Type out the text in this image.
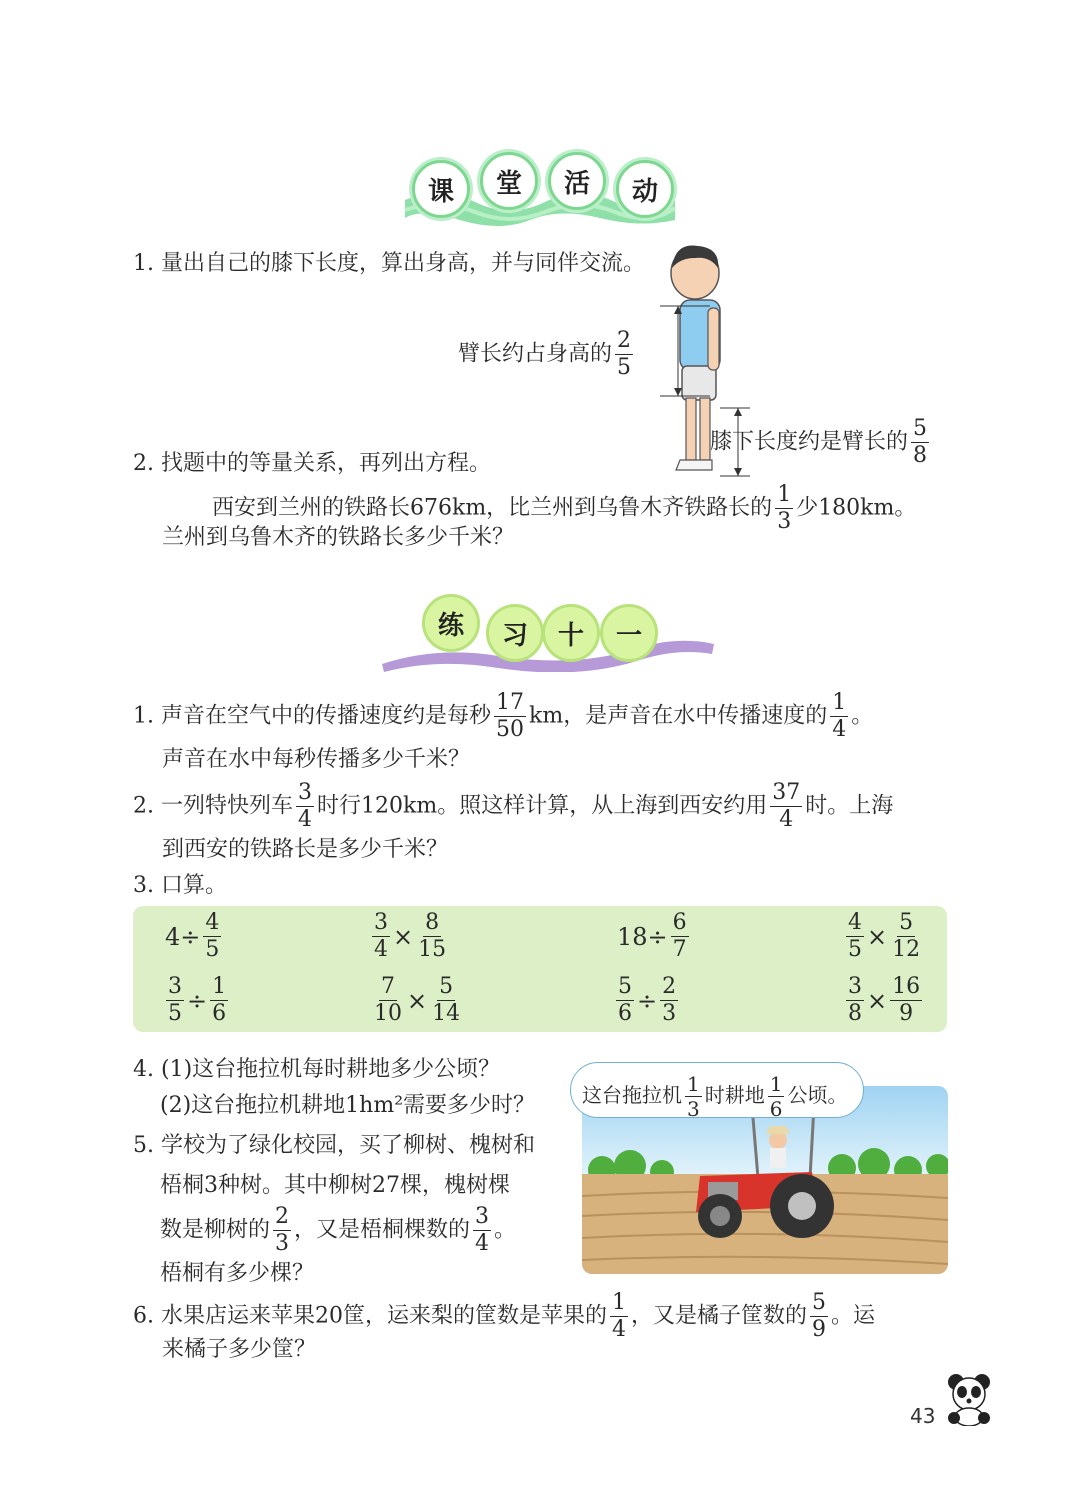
课	堂	活	动
1. 量出自己的膝下长度，算出身高，并与同伴交流。
臂长约占身高的 $\frac{2}{5}$
膝下长度约是臂长的 $\frac{5}{8}$
2. 找题中的等量关系，再列出方程。
西安到兰州的铁路长676km，比兰州到乌鲁木齐铁路长的 $\frac{1}{3}$ 少180km。
兰州到乌鲁木齐的铁路长多少千米？
练	习	十	一
1. 声音在空气中的传播速度约是每秒 $\frac{17}{50}$ km，是声音在水中传播速度的 $\frac{1}{4}$ 。
声音在水中每秒传播多少千米？
2. 一列特快列车 $\frac{3}{4}$ 时行120km。照这样计算，从上海到西安约用 $\frac{37}{4}$ 时。上海
到西安的铁路长是多少千米？
3. 口算。
$4\div \frac{4}{5}$	$\frac{3}{4} \times \frac{8}{15}$	$18\div \frac{6}{7}$	$\frac{4}{5} \times \frac{5}{12}$
$\frac{3}{5} \div \frac{1}{6}$	$\frac{7}{10} \times \frac{5}{14}$	$\frac{5}{6} \div \frac{2}{3}$	$\frac{3}{8} \times \frac{16}{9}$
4. (1)这台拖拉机每时耕地多少公顷？
(2)这台拖拉机耕地1hm²需要多少时？ 这台拖拉机 $\frac{1}{3}$ 时耕地 $\frac{1}{6}$ 公顷。
5. 学校为了绿化校园，买了柳树、槐树和
梧桐3种树。其中柳树27棵，槐树棵
数是柳树的 $\frac{2}{3}$ ，又是梧桐棵数的 $\frac{3}{4}$ 。
梧桐有多少棵？
6. 水果店运来苹果20筐，运来梨的筐数是苹果的 $\frac{1}{4}$ ，又是橘子筐数的 $\frac{5}{9}$ 。运
来橘子多少筐？
43
